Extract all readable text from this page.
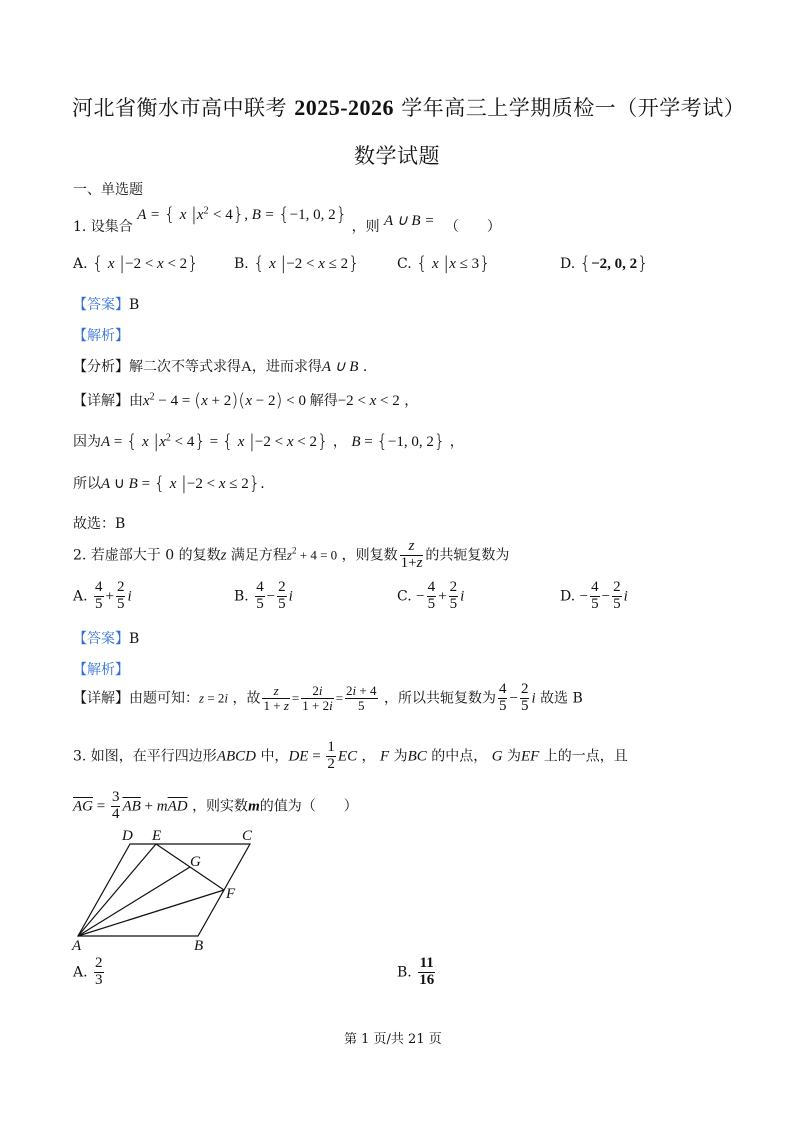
河北省衡水市高中联考 2025-2026 学年高三上学期质检一（开学考试）
数学试题
一、单选题
1. 设集合 A = { x $|x^2 < 4$}, B = {−1, 0, 2} ，则 A ∪ B = （　　）
A. { x |−2 < x < 2}	B. { x |−2 < x ≤ 2}	C. { x |x ≤ 3}	D. {−2, 0, 2}
【答案】B
【解析】
【分析】解二次不等式求得A，进而求得A ∪ B .
【详解】由$x^2 - 4 = (x + 2)(x - 2) < 0$ 解得−2 < x < 2 ，
因为A = { x $|x^2 < 4$} = { x |−2 < x < 2} ， B = {−1, 0, 2} ，
所以A ∪ B = { x |−2 < x ≤ 2}.
故选：B
2. 若虚部大于 0 的复数z 满足方程$z^2 + 4 = 0$ ，则复数 $\frac{z}{1+z}$ 的共轭复数为
A. $\frac{4}{5} + \frac{2}{5}$ i	B. $\frac{4}{5} - \frac{2}{5}$ i	C. − $\frac{4}{5} + \frac{2}{5}$ i	D. − $\frac{4}{5} - \frac{2}{5}$ i
【答案】B
【解析】
【详解】由题可知：z = 2i ，故 $\frac{z}{1 + z} = \frac{2i}{1 + 2i} = \frac{2i + 4}{5}$ ，所以共轭复数为 $\frac{4}{5} - \frac{2}{5}$ i 故选 B
3. 如图，在平行四边形ABCD 中，DE = $\frac{1}{2}$ EC ， F 为BC 的中点， G 为EF 上的一点，且
$\overline{AG} = \frac{3}{4} \overline{AB} + m\overline{AD}$ ，则实数m的值为（　　）
A	B
C
D E
F
G
A. $\frac{2}{3}$	B. $\frac{11}{16}$
第 1 页/共 21 页
